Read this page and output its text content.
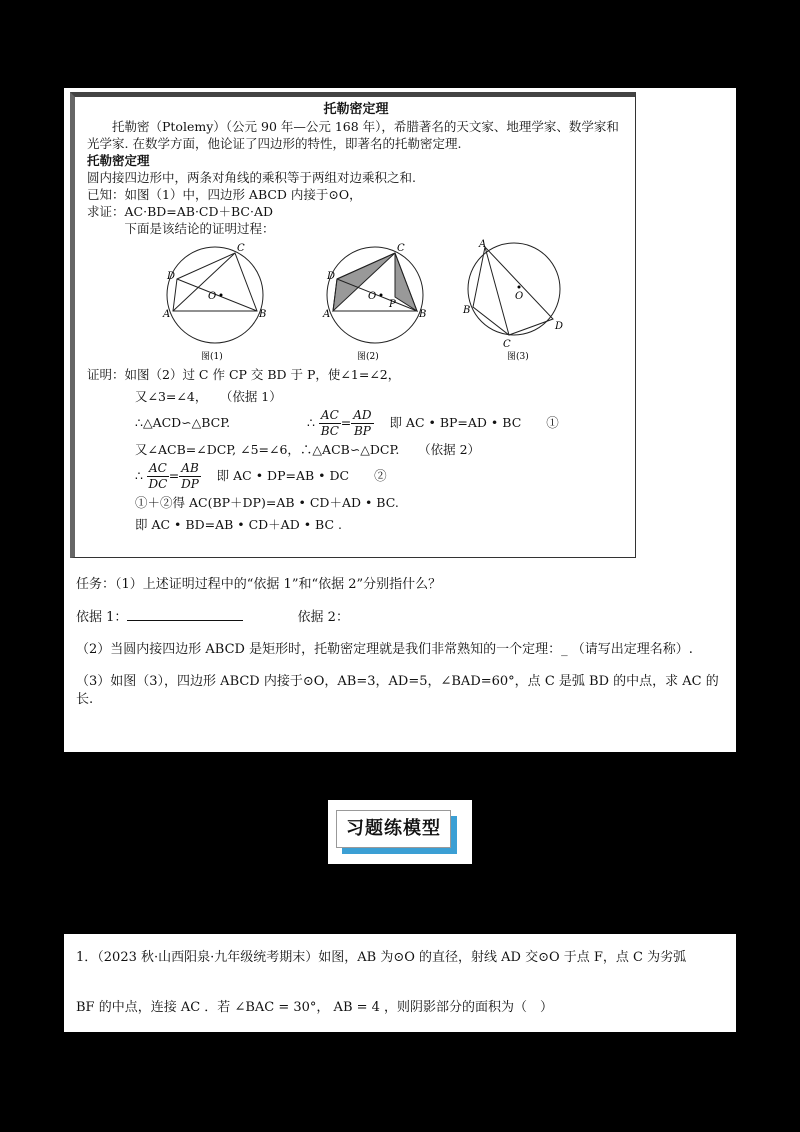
托勒密定理
托勒密（Ptolemy）（公元 90 年—公元 168 年），希腊著名的天文家、地理学家、数学家和光学家. 在数学方面，他论证了四边形的特性，即著名的托勒密定理.
托勒密定理
圆内接四边形中，两条对角线的乘积等于两组对边乘积之和.
已知：如图（1）中，四边形 ABCD 内接于⊙O，
求证：AC·BD=AB·CD＋BC·AD
下面是该结论的证明过程：
A	B
C
D
O
图(1)
A	B
C
D
O
P
图(2)
A
B
C
D
O
图(3)
证明：如图（2）过 C 作 CP 交 BD 于 P，使∠1=∠2，
又∠3=∠4，　　（依据 1）
∴△ACD∽△BCP.	∴ $\frac{AC}{BC} = \frac{AD}{BP}$ 即 AC • BP=AD • BC　　①
又∠ACB=∠DCP, ∠5=∠6，∴△ACB∽△DCP.　　（依据 2）
∴ $\frac{AC}{DC} = \frac{AB}{DP}$ 即 AC • DP=AB • DC　　②
①＋②得 AC(BP＋DP)=AB • CD＋AD • BC.
即 AC • BD=AB • CD＋AD • BC .

任务：（1）上述证明过程中的“依据 1”和“依据 2”分别指什么？

依据 1：	依据 2：

（2）当圆内接四边形 ABCD 是矩形时，托勒密定理就是我们非常熟知的一个定理：_ （请写出定理名称）.

（3）如图（3），四边形 ABCD 内接于⊙O，AB=3，AD=5，∠BAD=60°，点 C 是弧 BD 的中点，求 AC 的长.

习题练模型
1．（2023 秋·山西阳泉·九年级统考期末）如图，AB 为⊙O 的直径，射线 AD 交⊙O 于点 F，点 C 为劣弧
BF 的中点，连接 AC ．若 ∠BAC = 30°， AB = 4 ，则阴影部分的面积为（　）
